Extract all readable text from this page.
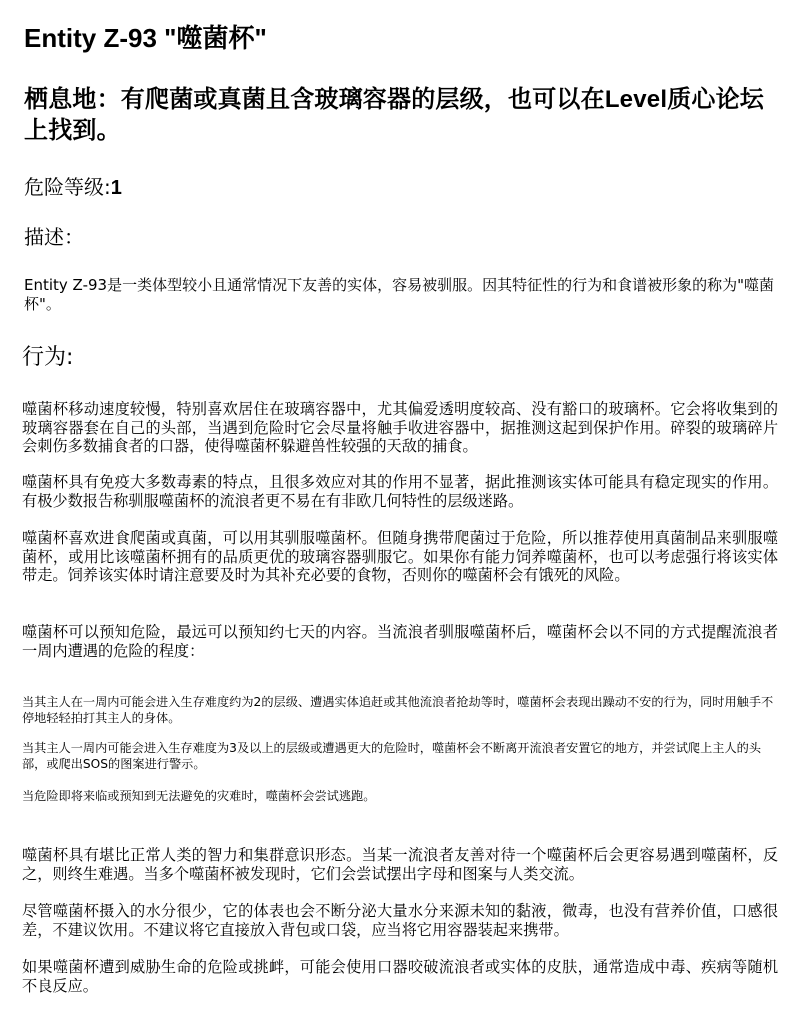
Entity Z-93 "噬菌杯"
栖息地：有爬菌或真菌且含玻璃容器的层级，也可以在Level质心论坛上找到。
危险等级:1
描述：

Entity Z-93是一类体型较小且通常情况下友善的实体，容易被驯服。因其特征性的行为和食谱被形象的称为"噬菌杯"。

行为:

噬菌杯移动速度较慢，特别喜欢居住在玻璃容器中，尤其偏爱透明度较高、没有豁口的玻璃杯。它会将收集到的玻璃容器套在自己的头部，当遇到危险时它会尽量将触手收进容器中，据推测这起到保护作用。碎裂的玻璃碎片会刺伤多数捕食者的口器，使得噬菌杯躲避兽性较强的天敌的捕食。

噬菌杯具有免疫大多数毒素的特点，且很多效应对其的作用不显著，据此推测该实体可能具有稳定现实的作用。有极少数报告称驯服噬菌杯的流浪者更不易在有非欧几何特性的层级迷路。

噬菌杯喜欢进食爬菌或真菌，可以用其驯服噬菌杯。但随身携带爬菌过于危险，所以推荐使用真菌制品来驯服噬菌杯，或用比该噬菌杯拥有的品质更优的玻璃容器驯服它。如果你有能力饲养噬菌杯，也可以考虑强行将该实体带走。饲养该实体时请注意要及时为其补充必要的食物，否则你的噬菌杯会有饿死的风险。

噬菌杯可以预知危险，最远可以预知约七天的内容。当流浪者驯服噬菌杯后，噬菌杯会以不同的方式提醒流浪者一周内遭遇的危险的程度：

当其主人在一周内可能会进入生存难度约为2的层级、遭遇实体追赶或其他流浪者抢劫等时，噬菌杯会表现出躁动不安的行为，同时用触手不停地轻轻拍打其主人的身体。

当其主人一周内可能会进入生存难度为3及以上的层级或遭遇更大的危险时，噬菌杯会不断离开流浪者安置它的地方，并尝试爬上主人的头部，或爬出SOS的图案进行警示。

当危险即将来临或预知到无法避免的灾难时，噬菌杯会尝试逃跑。

噬菌杯具有堪比正常人类的智力和集群意识形态。当某一流浪者友善对待一个噬菌杯后会更容易遇到噬菌杯，反之，则终生难遇。当多个噬菌杯被发现时，它们会尝试摆出字母和图案与人类交流。

尽管噬菌杯摄入的水分很少，它的体表也会不断分泌大量水分来源未知的黏液，微毒，也没有营养价值，口感很差，不建议饮用。不建议将它直接放入背包或口袋，应当将它用容器装起来携带。

如果噬菌杯遭到威胁生命的危险或挑衅，可能会使用口器咬破流浪者或实体的皮肤，通常造成中毒、疾病等随机不良反应。
